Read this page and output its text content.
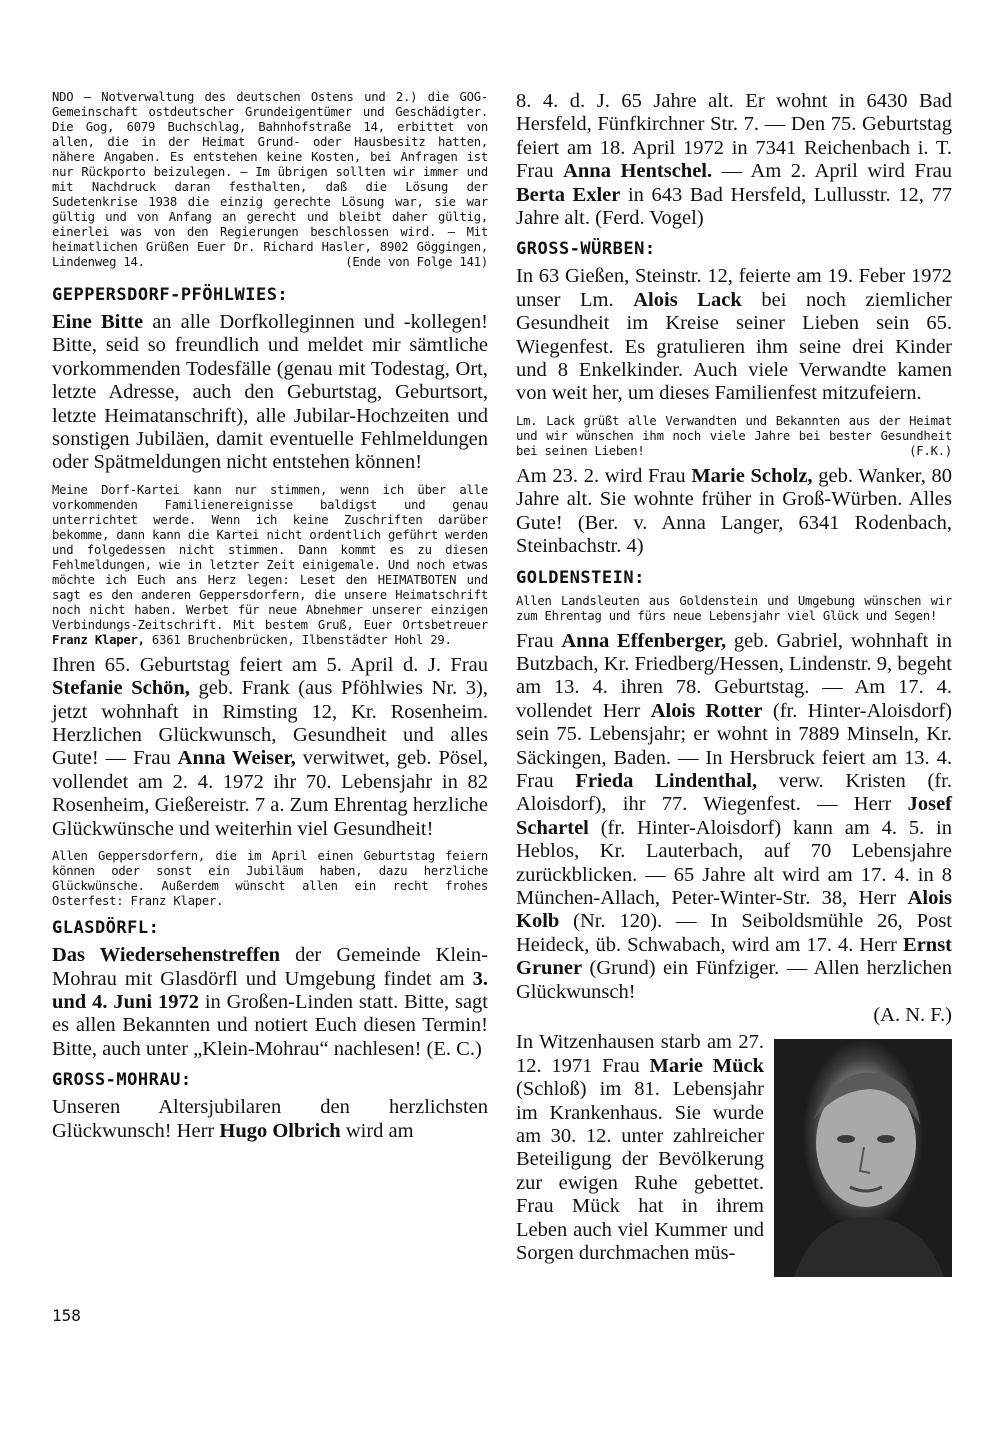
NDO – Notverwaltung des deutschen Ostens und 2.) die GOG-Gemeinschaft ostdeutscher Grundeigentümer und Geschädigter. Die Gog, 6079 Buchschlag, Bahnhofstraße 14, erbittet von allen, die in der Heimat Grund- oder Hausbesitz hatten, nähere Angaben. Es entstehen keine Kosten, bei Anfragen ist nur Rückporto beizulegen. – Im übrigen sollten wir immer und mit Nachdruck daran festhalten, daß die Lösung der Sudetenkrise 1938 die einzig gerechte Lösung war, sie war gültig und von Anfang an gerecht und bleibt daher gültig, einerlei was von den Regierungen beschlossen wird. – Mit heimatlichen Grüßen Euer Dr. Richard Hasler, 8902 Göggingen, Lindenweg 14.	(Ende von Folge 141)

GEPPERSDORF-PFÖHLWIES:

Eine Bitte an alle Dorfkolleginnen und -kollegen! Bitte, seid so freundlich und meldet mir sämtliche vorkommenden Todesfälle (genau mit Todestag, Ort, letzte Adresse, auch den Geburtstag, Geburtsort, letzte Heimatanschrift), alle Jubilar-Hochzeiten und sonstigen Jubiläen, damit eventuelle Fehlmeldungen oder Spätmeldungen nicht entstehen können!

Meine Dorf-Kartei kann nur stimmen, wenn ich über alle vorkommenden Familienereignisse baldigst und genau unterrichtet werde. Wenn ich keine Zuschriften darüber bekomme, dann kann die Kartei nicht ordentlich geführt werden und folgedessen nicht stimmen. Dann kommt es zu diesen Fehlmeldungen, wie in letzter Zeit einigemale. Und noch etwas möchte ich Euch ans Herz legen: Leset den HEIMATBOTEN und sagt es den anderen Geppersdorfern, die unsere Heimatschrift noch nicht haben. Werbet für neue Abnehmer unserer einzigen Verbindungs-Zeitschrift. Mit bestem Gruß, Euer Ortsbetreuer Franz Klaper, 6361 Bruchenbrücken, Ilbenstädter Hohl 29.

Ihren 65. Geburtstag feiert am 5. April d. J. Frau Stefanie Schön, geb. Frank (aus Pföhlwies Nr. 3), jetzt wohnhaft in Rimsting 12, Kr. Rosenheim. Herzlichen Glückwunsch, Gesundheit und alles Gute! — Frau Anna Weiser, verwitwet, geb. Pösel, vollendet am 2. 4. 1972 ihr 70. Lebensjahr in 82 Rosenheim, Gießereistr. 7 a. Zum Ehrentag herzliche Glückwünsche und weiterhin viel Gesundheit!

Allen Geppersdorfern, die im April einen Geburtstag feiern können oder sonst ein Jubiläum haben, dazu herzliche Glückwünsche. Außerdem wünscht allen ein recht frohes Osterfest: Franz Klaper.

GLASDÖRFL:

Das Wiedersehenstreffen der Gemeinde Klein-Mohrau mit Glasdörfl und Umgebung findet am 3. und 4. Juni 1972 in Großen-Linden statt. Bitte, sagt es allen Bekannten und notiert Euch diesen Termin! Bitte, auch unter „Klein-Mohrau“ nachlesen! (E. C.)

GROSS-MOHRAU:

Unseren Altersjubilaren den herzlichsten Glückwunsch! Herr Hugo Olbrich wird am

8. 4. d. J. 65 Jahre alt. Er wohnt in 6430 Bad Hersfeld, Fünfkirchner Str. 7. — Den 75. Geburtstag feiert am 18. April 1972 in 7341 Reichenbach i. T. Frau Anna Hentschel. — Am 2. April wird Frau Berta Exler in 643 Bad Hersfeld, Lullusstr. 12, 77 Jahre alt. (Ferd. Vogel)

GROSS-WÜRBEN:

In 63 Gießen, Steinstr. 12, feierte am 19. Feber 1972 unser Lm. Alois Lack bei noch ziemlicher Gesundheit im Kreise seiner Lieben sein 65. Wiegenfest. Es gratulieren ihm seine drei Kinder und 8 Enkelkinder. Auch viele Verwandte kamen von weit her, um dieses Familienfest mitzufeiern.

Lm. Lack grüßt alle Verwandten und Bekannten aus der Heimat und wir wünschen ihm noch viele Jahre bei bester Gesundheit bei seinen Lieben!	(F.K.)

Am 23. 2. wird Frau Marie Scholz, geb. Wanker, 80 Jahre alt. Sie wohnte früher in Groß-Würben. Alles Gute! (Ber. v. Anna Langer, 6341 Rodenbach, Steinbachstr. 4)

GOLDENSTEIN:

Allen Landsleuten aus Goldenstein und Umgebung wünschen wir zum Ehrentag und fürs neue Lebensjahr viel Glück und Segen!

Frau Anna Effenberger, geb. Gabriel, wohnhaft in Butzbach, Kr. Friedberg/Hessen, Lindenstr. 9, begeht am 13. 4. ihren 78. Geburtstag. — Am 17. 4. vollendet Herr Alois Rotter (fr. Hinter-Aloisdorf) sein 75. Lebensjahr; er wohnt in 7889 Minseln, Kr. Säckingen, Baden. — In Hersbruck feiert am 13. 4. Frau Frieda Lindenthal, verw. Kristen (fr. Aloisdorf), ihr 77. Wiegenfest. — Herr Josef Schartel (fr. Hinter-Aloisdorf) kann am 4. 5. in Heblos, Kr. Lauterbach, auf 70 Lebensjahre zurückblicken. — 65 Jahre alt wird am 17. 4. in 8 München-Allach, Peter-Winter-Str. 38, Herr Alois Kolb (Nr. 120). — In Seiboldsmühle 26, Post Heideck, üb. Schwabach, wird am 17. 4. Herr Ernst Gruner (Grund) ein Fünfziger. — Allen herzlichen Glückwunsch!

(A. N. F.)

In Witzenhausen starb am 27. 12. 1971 Frau Marie Mück (Schloß) im 81. Lebensjahr im Krankenhaus. Sie wurde am 30. 12. unter zahlreicher Beteiligung der Bevölkerung zur ewigen Ruhe gebettet. Frau Mück hat in ihrem Leben auch viel Kummer und Sorgen durchmachen müs-

158
